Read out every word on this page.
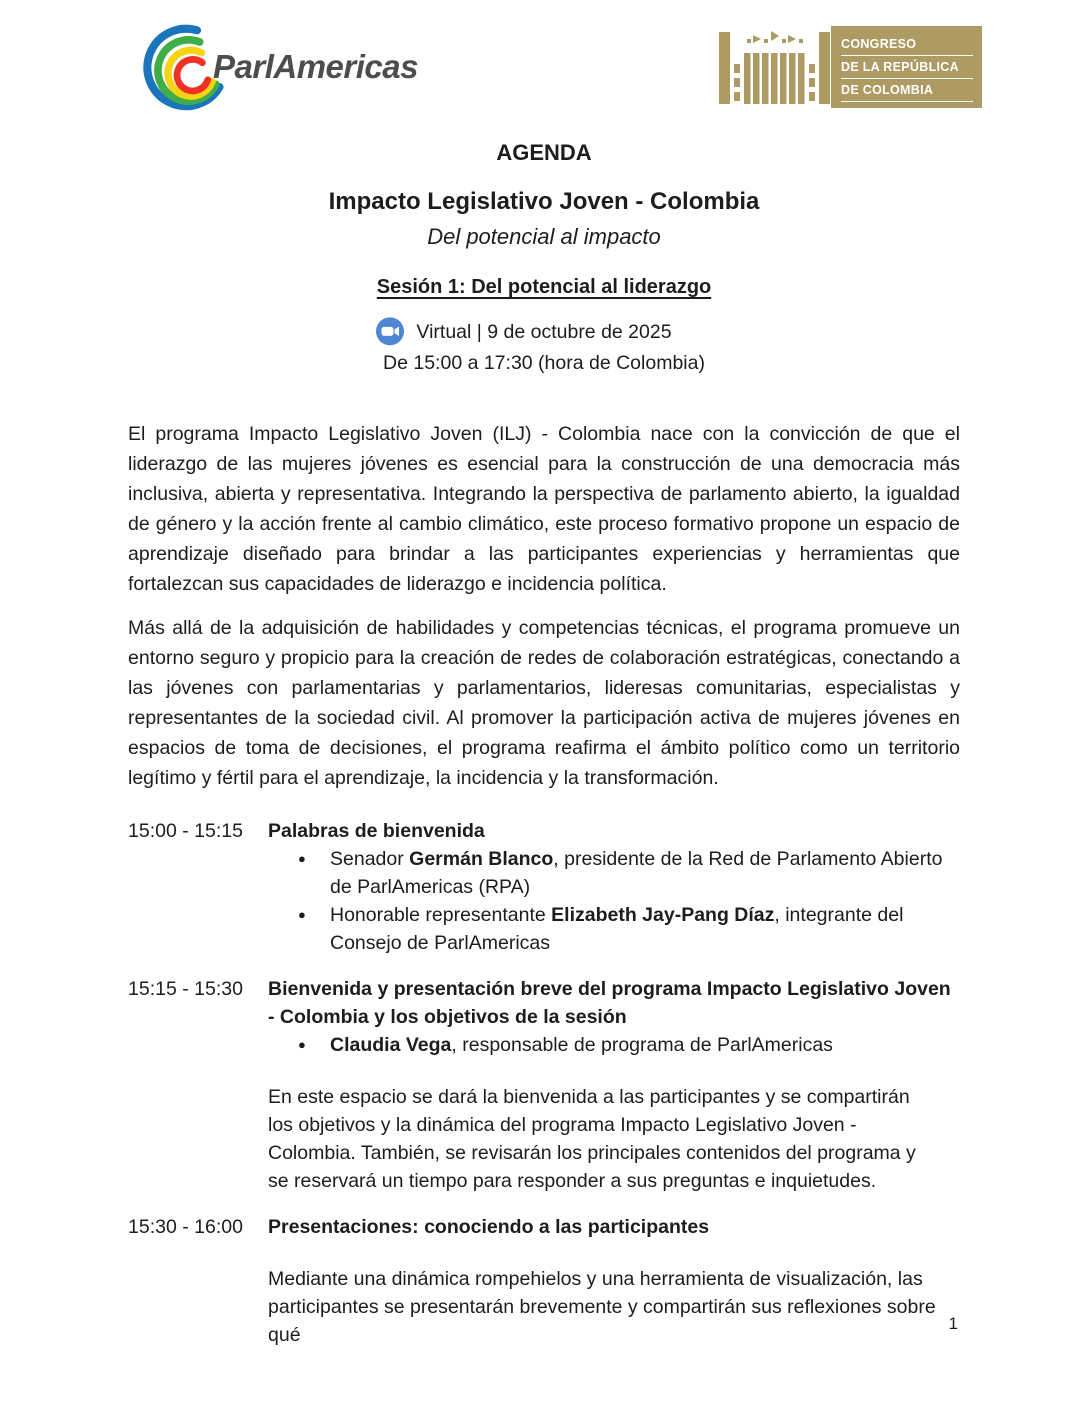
ParlAmericas
CONGRESO
DE LA REPÚBLICA
DE COLOMBIA
AGENDA
Impacto Legislativo Joven - Colombia
Del potencial al impacto
Sesión 1: Del potencial al liderazgo
Virtual | 9 de octubre de 2025
De 15:00 a 17:30 (hora de Colombia)

El programa Impacto Legislativo Joven (ILJ) - Colombia nace con la convicción de que el liderazgo de las mujeres jóvenes es esencial para la construcción de una democracia más inclusiva, abierta y representativa. Integrando la perspectiva de parlamento abierto, la igualdad de género y la acción frente al cambio climático, este proceso formativo propone un espacio de aprendizaje diseñado para brindar a las participantes experiencias y herramientas que fortalezcan sus capacidades de liderazgo e incidencia política.

Más allá de la adquisición de habilidades y competencias técnicas, el programa promueve un entorno seguro y propicio para la creación de redes de colaboración estratégicas, conectando a las jóvenes con parlamentarias y parlamentarios, lideresas comunitarias, especialistas y representantes de la sociedad civil. Al promover la participación activa de mujeres jóvenes en espacios de toma de decisiones, el programa reafirma el ámbito político como un territorio legítimo y fértil para el aprendizaje, la incidencia y la transformación.

15:00 - 15:15	Palabras de bienvenida
●	Senador Germán Blanco, presidente de la Red de Parlamento Abierto de ParlAmericas (RPA)
●	Honorable representante Elizabeth Jay-Pang Díaz, integrante del Consejo de ParlAmericas
15:15 - 15:30	Bienvenida y presentación breve del programa Impacto Legislativo Joven - Colombia y los objetivos de la sesión
●	Claudia Vega, responsable de programa de ParlAmericas
En este espacio se dará la bienvenida a las participantes y se compartirán los objetivos y la dinámica del programa Impacto Legislativo Joven - Colombia. También, se revisarán los principales contenidos del programa y se reservará un tiempo para responder a sus preguntas e inquietudes.
15:30 - 16:00	Presentaciones: conociendo a las participantes
Mediante una dinámica rompehielos y una herramienta de visualización, las participantes se presentarán brevemente y compartirán sus reflexiones sobre qué
1
